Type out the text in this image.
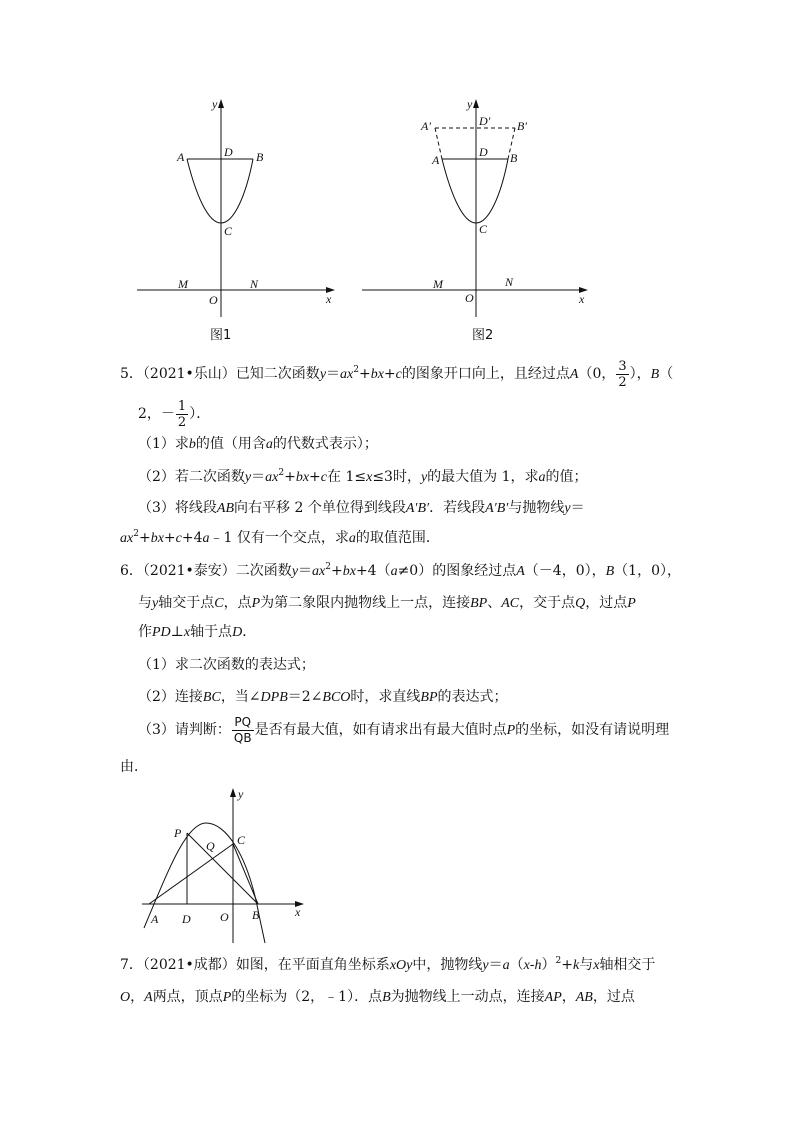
y
x
A	D B
C
M	N
O
图1
y
x
A′	D′ B′
A
D B
C
M	N
O
图2
5．（2021•乐山）已知二次函数$y=ax^2+bx+c$的图象开口向上，且经过点A（0， $\frac{3}{2}$ ），B（
2，－ $\frac{1}{2}$ ）．
（1）求b的值（用含a的代数式表示）；
（2）若二次函数$y=ax^2+bx+c$在 1≤x≤3时，y的最大值为 1，求a的值；
（3）将线段AB向右平移 2 个单位得到线段A′B′．若线段A′B′与抛物线y＝
$ax^2+bx+c+4a﹣1$ 仅有一个交点，求a的取值范围．
6．（2021•泰安）二次函数$y=ax^2+bx+4(a\ne 0)$的图象经过点A（－4，0），B（1，0），
与y轴交于点C，点P为第二象限内抛物线上一点，连接BP、AC，交于点Q，过点P
作PD⊥x轴于点D．
（1）求二次函数的表达式；
（2）连接BC，当∠DPB＝2∠BCO时，求直线BP的表达式；
（3）请判断： $\frac{PQ}{QB}$ 是否有最大值，如有请求出有最大值时点P的坐标，如没有请说明理
由．
y
x
P	C
Q
A D O B
7．（2021•成都）如图，在平面直角坐标系xOy中，抛物线$y=a(x-h)^2+k$与x轴相交于
O，A两点，顶点P的坐标为（2，﹣1）．点B为抛物线上一动点，连接AP，AB，过点
